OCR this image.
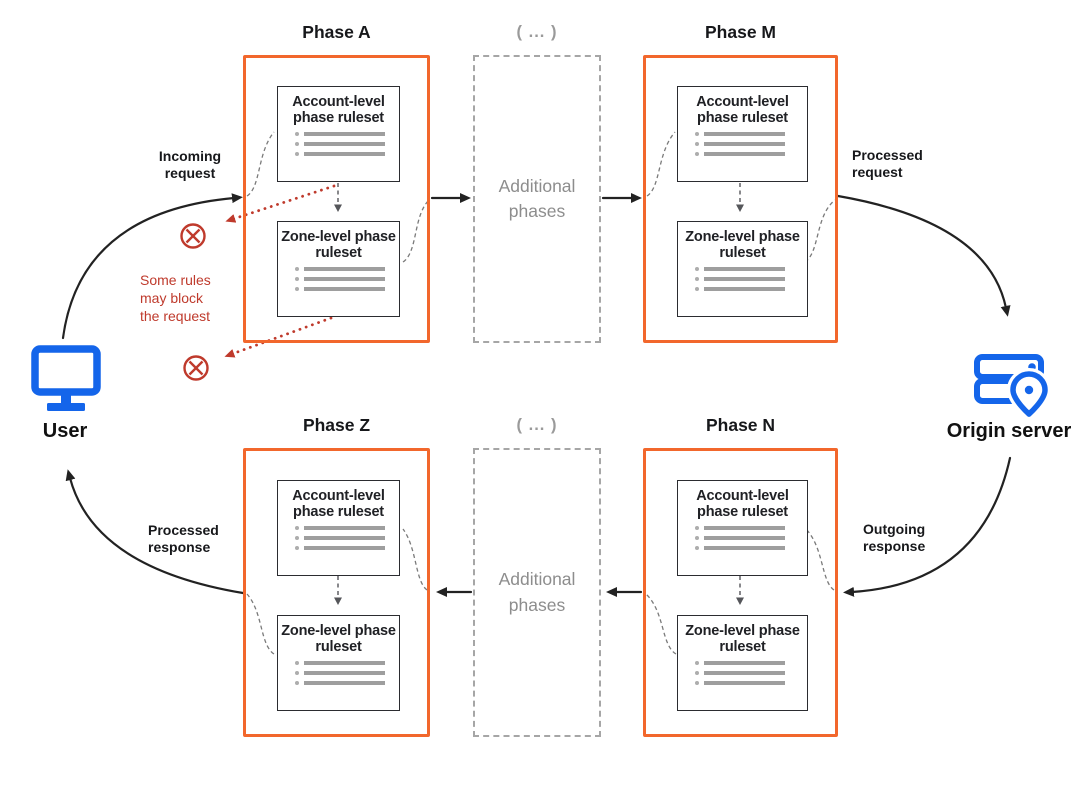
Phase A	( ... )	Phase M
Phase Z	( ... )	Phase N
Account-level phase ruleset
Zone-level phase ruleset
Additional phases
Account-level phase ruleset
Zone-level phase ruleset
Account-level phase ruleset
Zone-level phase ruleset
Additional phases
Account-level phase ruleset
Zone-level phase ruleset
Incoming request
Processed request
Outgoing response
Processed response
Some rules may block the request
User	Origin server
